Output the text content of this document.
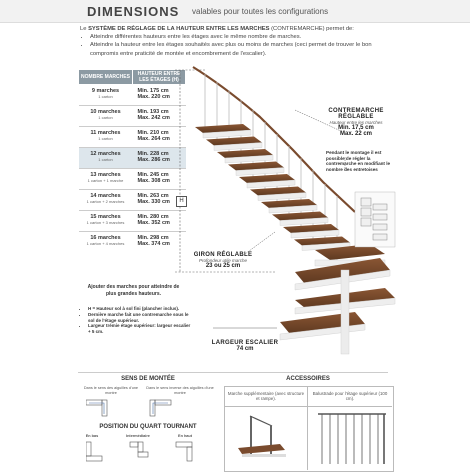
DIMENSIONS valables pour toutes les configurations
Le SYSTÈME DE RÉGLAGE DE LA HAUTEUR ENTRE LES MARCHES (CONTREMARCHE) permet de:
• Atteindre différentes hauteurs entre les étages avec le même nombre de marches.
• Atteindre la hauteur entre les étages souhaités avec plus ou moins de marches (ceci permet de trouver le bon compromis entre praticité de montée et encombrement de l'escalier).
NOMBRE MARCHES	HAUTEUR ENTRE LES ÉTAGES (H)
9 marches
1 carton	Min. 175 cm
Max. 220 cm

10 marches
1 carton	Min. 193 cm
Max. 242 cm

11 marches
1 carton	Min. 210 cm
Max. 264 cm

12 marches
1 carton	Min. 228 cm
Max. 286 cm

13 marches
1 carton + 1 marche	Min. 245 cm
Max. 308 cm

14 marches
1 carton + 2 marches	Min. 263 cm
Max. 330 cm

15 marches
1 carton + 3 marches	Min. 280 cm
Max. 352 cm

16 marches
1 carton + 4 marches	Min. 298 cm
Max. 374 cm
Ajouter des marches pour atteindre de plus grandes hauteurs.
• H = Hauteur sol à sol fini (plancher inclus).
• Dernière marche fait une contremarche sous le sol de l'étage supérieur.
• Largeur trémie étage supérieur: largeur escalier + 5 cm.
H
CONTREMARCHE
RÉGLABLE
Hauteur entre les marches
Min. 17,5 cm
Max. 22 cm
Pendant le montage il est possible de régler la contremarche en modifiant le nombre des entretoises
GIRON RÉGLABLE
Profondeur utile marche
23 ou 25 cm
LARGEUR ESCALIER
74 cm
SENS DE MONTÉE
Dans le sens des aiguilles d'une montre
Dans le sens inverse des aiguilles d'une montre
POSITION DU QUART TOURNANT
En bas	Intermédiaire	En haut
ACCESSOIRES
Marche supplémentaire (avec structure et rampe).
Balustrade pour l'étage supérieur (100 cm).
